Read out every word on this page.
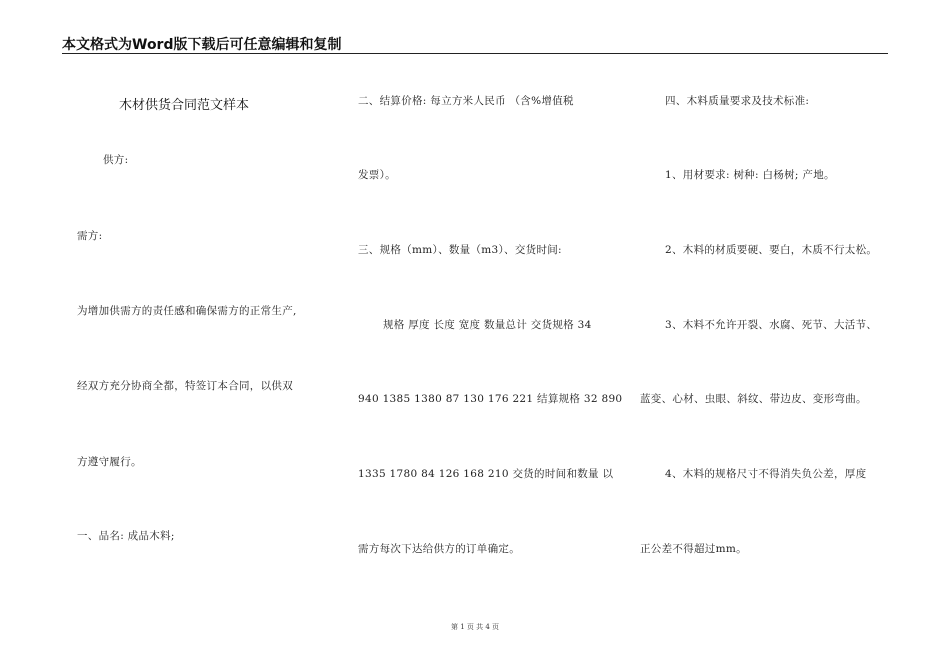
本文格式为Word版下载后可任意编辑和复制
木材供货合同范文样本
供方:
需方:
为增加供需方的责任感和确保需方的正常生产,
经双方充分协商全都，特签订本合同，以供双
方遵守履行。
一、品名: 成品木料;
二、结算价格: 每立方米人民币 （含%增值税
发票）。
三、规格（mm）、数量（m3）、交货时间:
规格 厚度 长度 宽度 数量总计 交货规格 34
940 1385 1380 87 130 176 221 结算规格 32 890
1335 1780 84 126 168 210 交货的时间和数量 以
需方每次下达给供方的订单确定。
四、木料质量要求及技术标准:
1、用材要求: 树种: 白杨树; 产地。
2、木料的材质要硬、要白，木质不行太松。
3、木料不允许开裂、水腐、死节、大活节、
蓝变、心材、虫眼、斜纹、带边皮、变形弯曲。
4、木料的规格尺寸不得消失负公差，厚度
正公差不得超过mm。
第 1 页 共 4 页
